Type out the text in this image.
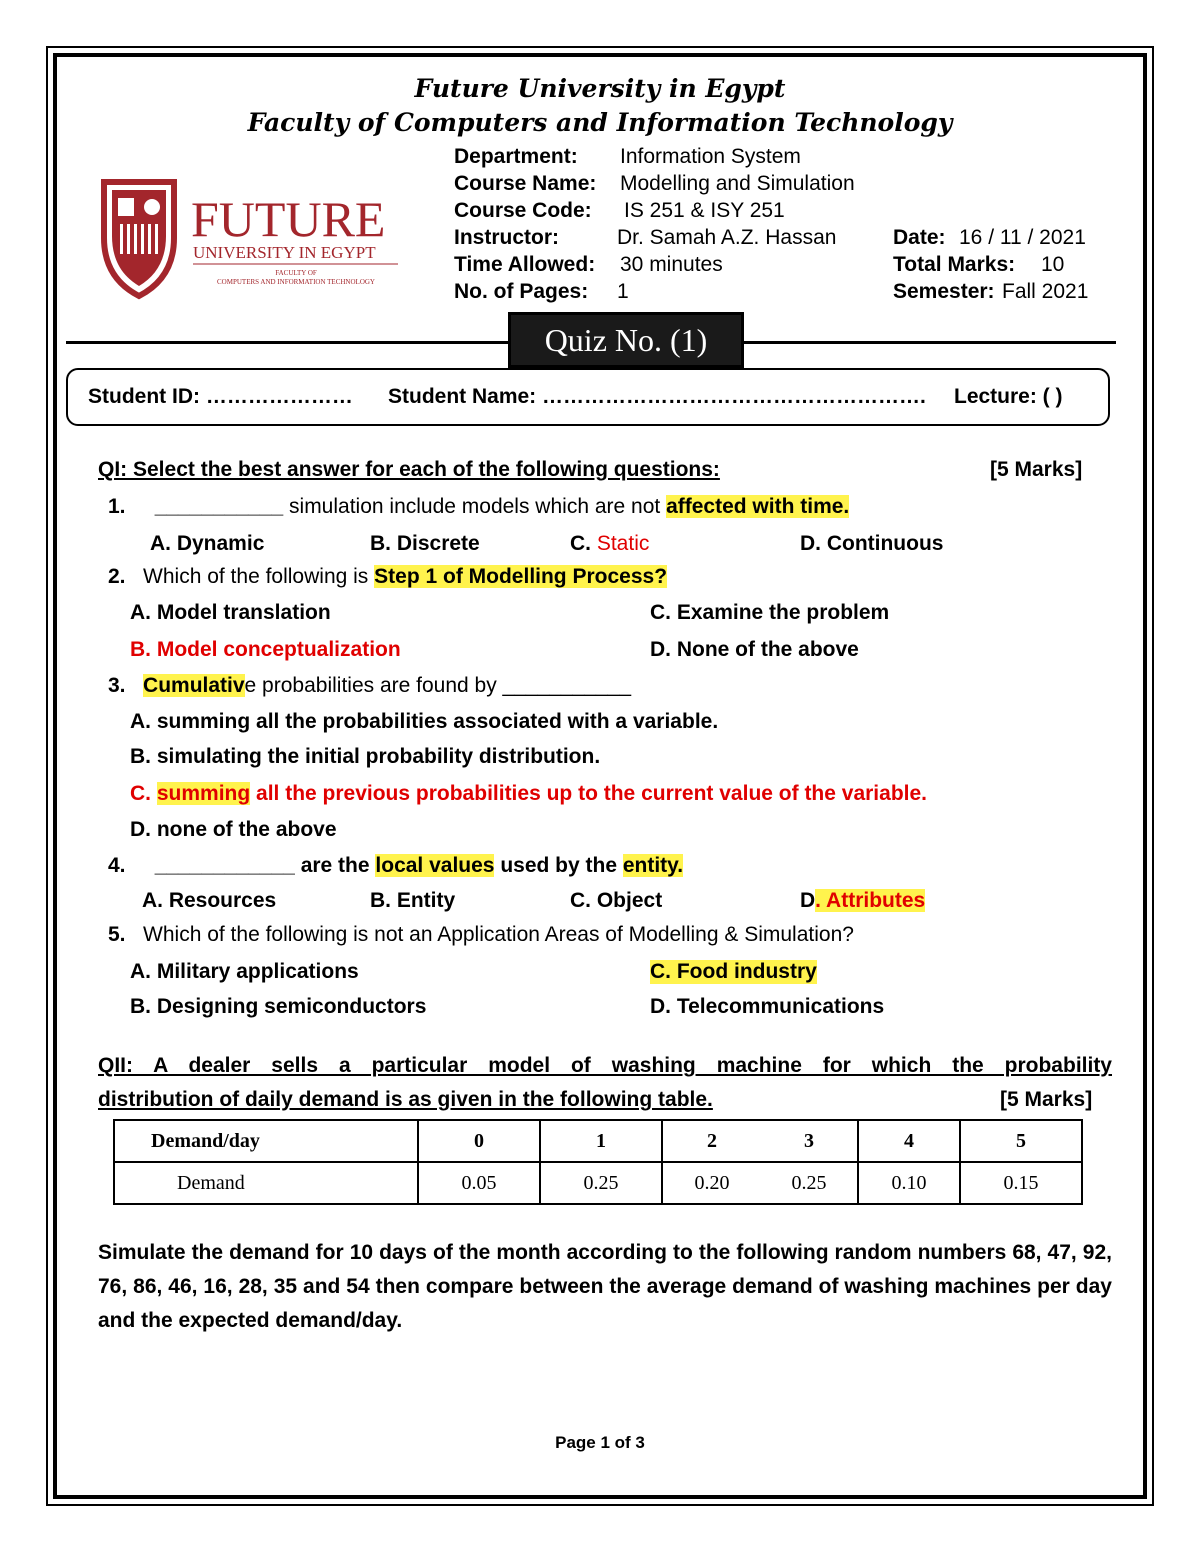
Future University in Egypt
Faculty of Computers and Information Technology
FUTURE
UNIVERSITY IN EGYPT
FACULTY OF
COMPUTERS AND INFORMATION TECHNOLOGY
Department: Information System
Course Name: Modelling and Simulation
Course Code: IS 251 & ISY 251
Instructor:	Dr. Samah A.Z. Hassan	Date: 16 / 11 / 2021
Time Allowed: 30 minutes	Total Marks: 10
No. of Pages: 1	Semester: Fall 2021
Quiz No. (1)
Student ID: ………………… Student Name: ………………………………………………. Lecture: ( )
QI: Select the best answer for each of the following questions:	[5 Marks]
1. ___________ simulation include models which are not affected with time.
A. Dynamic	B. Discrete	C. Static	D. Continuous
2. Which of the following is Step 1 of Modelling Process?
A. Model translation	C. Examine the problem
B. Model conceptualization	D. None of the above
3. Cumulative probabilities are found by ___________
A. summing all the probabilities associated with a variable.
B. simulating the initial probability distribution.
C. summing all the previous probabilities up to the current value of the variable.
D. none of the above
4. ____________ are the local values used by the entity.
A. Resources	B. Entity	C. Object	D. Attributes
5. Which of the following is not an Application Areas of Modelling & Simulation?
A. Military applications	C. Food industry
B. Designing semiconductors	D. Telecommunications
QII: A dealer sells a particular model of washing machine for which the probability
distribution of daily demand is as given in the following table.	[5 Marks]
Demand/day	0	1	2	3	4	5
Demand	0.05	0.25	0.20	0.25	0.10	0.15
Simulate the demand for 10 days of the month according to the following random numbers 68, 47, 92, 76, 86, 46, 16, 28, 35 and 54 then compare between the average demand of washing machines per day and the expected demand/day.
Page 1 of 3
